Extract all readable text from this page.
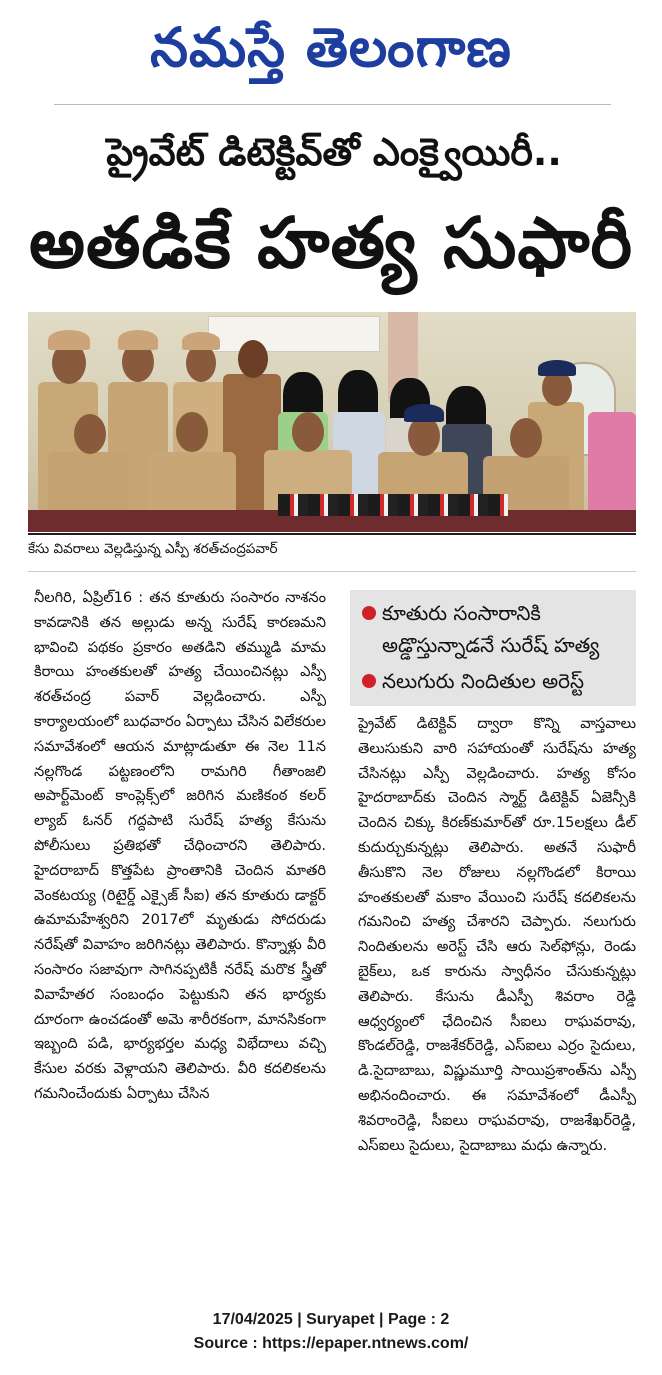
నమస్తే తెలంగాణ
ప్రైవేట్ డిటెక్టివ్‌తో ఎంక్వైయిరీ..
అతడికే హత్య సుఫారీ
కేసు వివరాలు వెల్లడిస్తున్న ఎస్పీ శరత్‌చంద్రపవార్

నీలగిరి, ఏప్రిల్16 : తన కూతురు సంసారం నాశనం కావడానికి తన అల్లుడు అన్న సురేష్ కారణమని భావించి పథకం ప్రకారం అతడిని తమ్ముడి మామ కిరాయి హంతకులతో హత్య చేయించినట్లు ఎస్పీ శరత్‌చంద్ర పవార్ వెల్లడించారు. ఎస్పీ కార్యాలయంలో బుధవారం ఏర్పాటు చేసిన విలేకరుల సమావేశంలో ఆయన మాట్లాడుతూ ఈ నెల 11న నల్లగొండ పట్టణంలోని రామగిరి గీతాంజలి అపార్ట్‌మెంట్ కాంప్లెక్స్‌లో జరిగిన మణికంఠ కలర్ ల్యాబ్ ఓనర్ గద్దపాటి సురేష్ హత్య కేసును పోలీసులు ప్రతిభతో చేధించారని తెలిపారు. హైదరాబాద్ కొత్తపేట ప్రాంతానికి చెందిన మాతరి వెంకటయ్య (రిటైర్డ్ ఎక్సైజ్ సీఐ) తన కూతురు డాక్టర్ ఉమామహేశ్వరిని 2017లో మృతుడు సోదరుడు నరేష్‌తో వివాహం జరిగినట్లు తెలిపారు. కొన్నాళ్లు వీరి సంసారం సజావుగా సాగినప్పటికీ నరేష్ మరొక స్త్రీతో వివాహేతర సంబంధం పెట్టుకుని తన భార్యకు దూరంగా ఉంచడంతో అమె శారీరకంగా, మానసికంగా ఇబ్బంది పడి, భార్యభర్తల మధ్య విభేదాలు వచ్చి కేసుల వరకు వెళ్లాయని తెలిపారు. వీరి కదలికలను గమనించేందుకు ఏర్పాటు చేసిన

కూతురు సంసారానికి
అడ్డొస్తున్నాడనే సురేష్ హత్య
నలుగురు నిందితుల అరెస్ట్

ప్రైవేట్ డిటెక్టివ్ ద్వారా కొన్ని వాస్తవాలు తెలుసుకుని వారి సహాయంతో సురేష్‌ను హత్య చేసినట్లు ఎస్పీ వెల్లడించారు. హత్య కోసం హైదరాబాద్‌కు చెందిన స్మార్ట్ డిటెక్టివ్ ఏజెన్సీకి చెందిన చిక్కు కిరణ్‌కుమార్‌తో రూ.15లక్షలు డీల్ కుదుర్చుకున్నట్లు తెలిపారు. అతనే సుఫారీ తీసుకొని నెల రోజులు నల్లగొండలో కిరాయి హంతకులతో మకాం వేయించి సురేష్ కదలికలను గమనించి హత్య చేశారని చెప్పారు. నలుగురు నిందితులను అరెస్ట్ చేసి ఆరు సెల్‌ఫోన్లు, రెండు బైక్‌లు, ఒక కారును స్వాధీనం చేసుకున్నట్లు తెలిపారు. కేసును డీఎస్పీ శివరాం రెడ్డి ఆధ్వర్యంలో ఛేదించిన సీఐలు రాఘవరావు, కొండల్‌రెడ్డి, రాజశేకర్‌రెడ్డి, ఎస్ఐలు ఎర్రం సైదులు, డి.సైదాబాబు, విష్ణుమూర్తి సాయిప్రశాంత్‌ను ఎస్పీ అభినందించారు. ఈ సమావేశంలో డీఎస్పీ శివరాంరెడ్డి, సీఐలు రాఘవరావు, రాజశేఖర్‌రెడ్డి, ఎస్ఐలు సైదులు, సైదాబాబు మధు ఉన్నారు.

17/04/2025 | Suryapet | Page : 2
Source : https://epaper.ntnews.com/
